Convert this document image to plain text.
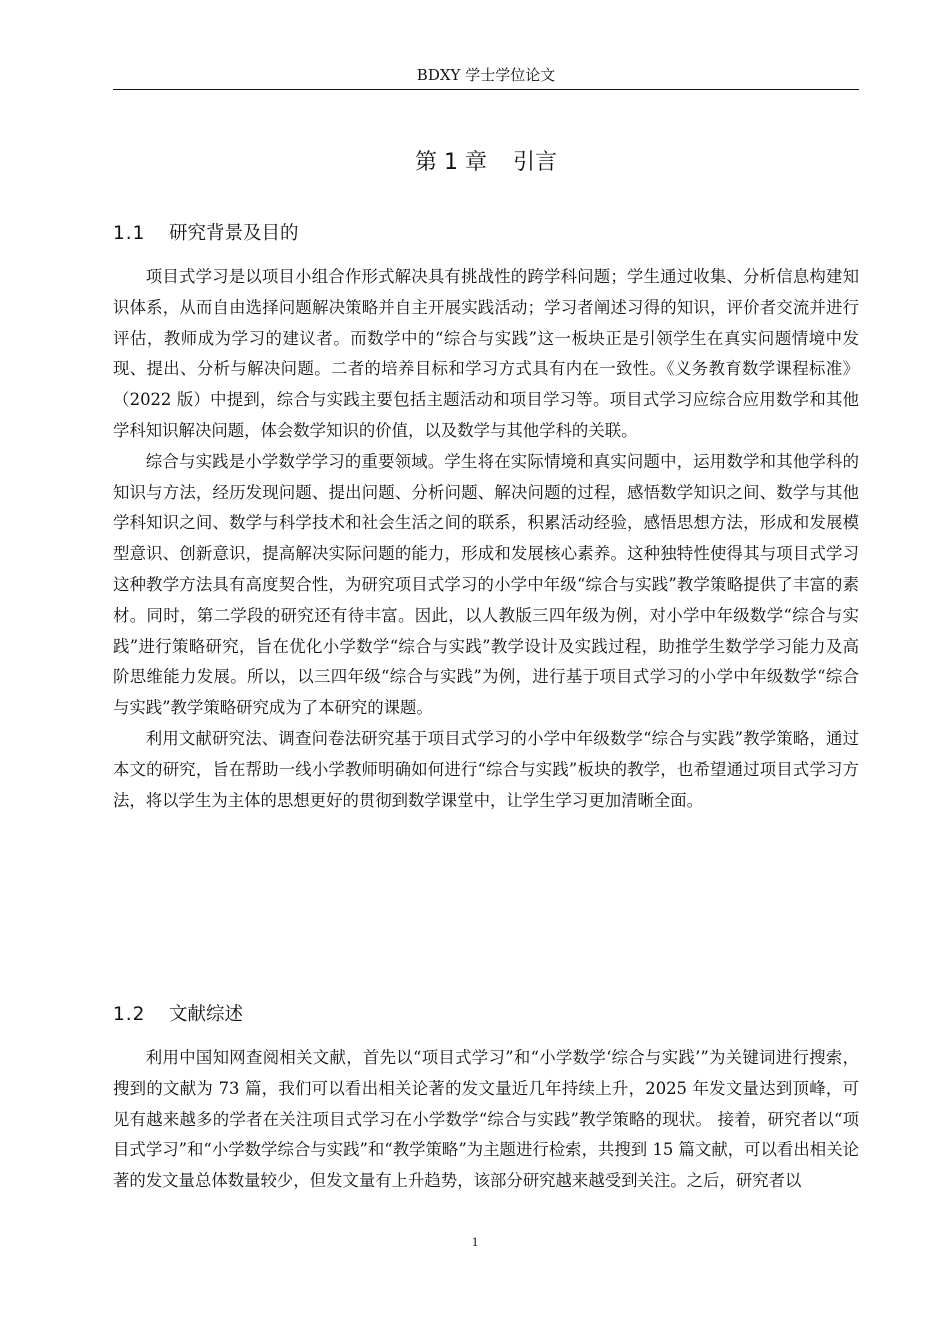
BDXY 学士学位论文
第 1 章 引言
1.1 研究背景及目的

项目式学习是以项目小组合作形式解决具有挑战性的跨学科问题；学生通过收集、分析信息构建知识体系，从而自由选择问题解决策略并自主开展实践活动；学习者阐述习得的知识，评价者交流并进行评估，教师成为学习的建议者。而数学中的“综合与实践”这一板块正是引领学生在真实问题情境中发现、提出、分析与解决问题。二者的培养目标和学习方式具有内在一致性。《义务教育数学课程标准》（2022 版）中提到，综合与实践主要包括主题活动和项目学习等。项目式学习应综合应用数学和其他学科知识解决问题，体会数学知识的价值，以及数学与其他学科的关联。

综合与实践是小学数学学习的重要领域。学生将在实际情境和真实问题中，运用数学和其他学科的知识与方法，经历发现问题、提出问题、分析问题、解决问题的过程，感悟数学知识之间、数学与其他学科知识之间、数学与科学技术和社会生活之间的联系，积累活动经验，感悟思想方法，形成和发展模型意识、创新意识，提高解决实际问题的能力，形成和发展核心素养。这种独特性使得其与项目式学习这种教学方法具有高度契合性，为研究项目式学习的小学中年级“综合与实践”教学策略提供了丰富的素材。同时，第二学段的研究还有待丰富。因此，以人教版三四年级为例，对小学中年级数学“综合与实践”进行策略研究，旨在优化小学数学“综合与实践”教学设计及实践过程，助推学生数学学习能力及高阶思维能力发展。所以，以三四年级“综合与实践”为例，进行基于项目式学习的小学中年级数学“综合与实践”教学策略研究成为了本研究的课题。

利用文献研究法、调查问卷法研究基于项目式学习的小学中年级数学“综合与实践”教学策略，通过本文的研究，旨在帮助一线小学教师明确如何进行“综合与实践”板块的教学，也希望通过项目式学习方法，将以学生为主体的思想更好的贯彻到数学课堂中，让学生学习更加清晰全面。

1.2 文献综述

利用中国知网查阅相关文献，首先以“项目式学习”和“小学数学‘综合与实践’”为关键词进行搜索，搜到的文献为 73 篇，我们可以看出相关论著的发文量近几年持续上升，2025 年发文量达到顶峰，可见有越来越多的学者在关注项目式学习在小学数学“综合与实践”教学策略的现状。 接着，研究者以“项目式学习”和“小学数学综合与实践”和“教学策略”为主题进行检索，共搜到 15 篇文献，可以看出相关论著的发文量总体数量较少，但发文量有上升趋势，该部分研究越来越受到关注。之后，研究者以

1
